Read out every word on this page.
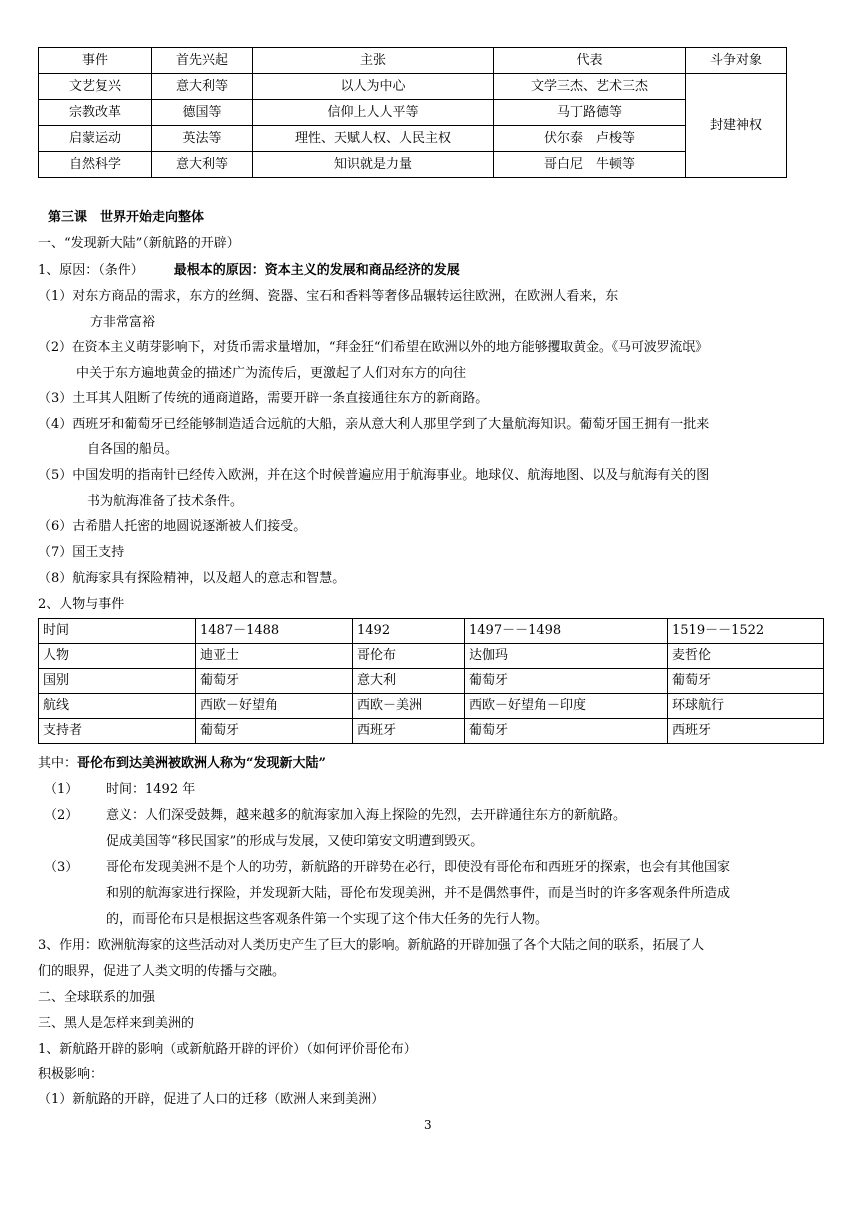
事件	首先兴起	主张	代表	斗争对象
文艺复兴	意大利等	以人为中心	文学三杰、艺术三杰	封建神权
宗教改革	德国等	信仰上人人平等	马丁路德等	
启蒙运动	英法等	理性、天赋人权、人民主权	伏尔泰　卢梭等	
自然科学	意大利等	知识就是力量	哥白尼　牛顿等	
第三课　世界开始走向整体
一、“发现新大陆”（新航路的开辟）
1、原因：（条件） 最根本的原因：资本主义的发展和商品经济的发展
（1）对东方商品的需求，东方的丝绸、瓷器、宝石和香料等奢侈品辗转运往欧洲，在欧洲人看来，东
方非常富裕
（2）在资本主义萌芽影响下，对货币需求量增加，“拜金狂“们希望在欧洲以外的地方能够攫取黄金。《马可波罗流氓》
中关于东方遍地黄金的描述广为流传后，更激起了人们对东方的向往
（3）土耳其人阻断了传统的通商道路，需要开辟一条直接通往东方的新商路。
（4）西班牙和葡萄牙已经能够制造适合远航的大船，亲从意大利人那里学到了大量航海知识。葡萄牙国王拥有一批来
自各国的船员。
（5）中国发明的指南针已经传入欧洲，并在这个时候普遍应用于航海事业。地球仪、航海地图、以及与航海有关的图
书为航海准备了技术条件。
（6）古希腊人托密的地圆说逐渐被人们接受。
（7）国王支持
（8）航海家具有探险精神，以及超人的意志和智慧。
2、人物与事件
时间	1487－1488	1492	1497－－1498	1519－－1522
人物	迪亚士	哥伦布	达伽玛	麦哲伦
国别	葡萄牙	意大利	葡萄牙	葡萄牙
航线	西欧－好望角	西欧－美洲	西欧－好望角－印度	环球航行
支持者	葡萄牙	西班牙	葡萄牙	西班牙
其中：哥伦布到达美洲被欧洲人称为“发现新大陆”
（1） 时间：1492 年
（2） 意义：人们深受鼓舞，越来越多的航海家加入海上探险的先烈，去开辟通往东方的新航路。
促成美国等“移民国家”的形成与发展，又使印第安文明遭到毁灭。
（3） 哥伦布发现美洲不是个人的功劳，新航路的开辟势在必行，即使没有哥伦布和西班牙的探索，也会有其他国家
和别的航海家进行探险，并发现新大陆，哥伦布发现美洲，并不是偶然事件，而是当时的许多客观条件所造成
的，而哥伦布只是根据这些客观条件第一个实现了这个伟大任务的先行人物。
3、作用：欧洲航海家的这些活动对人类历史产生了巨大的影响。新航路的开辟加强了各个大陆之间的联系，拓展了人
们的眼界，促进了人类文明的传播与交融。
二、全球联系的加强
三、黑人是怎样来到美洲的
1、新航路开辟的影响（或新航路开辟的评价）（如何评价哥伦布）
积极影响：
（1）新航路的开辟，促进了人口的迁移（欧洲人来到美洲）
3
